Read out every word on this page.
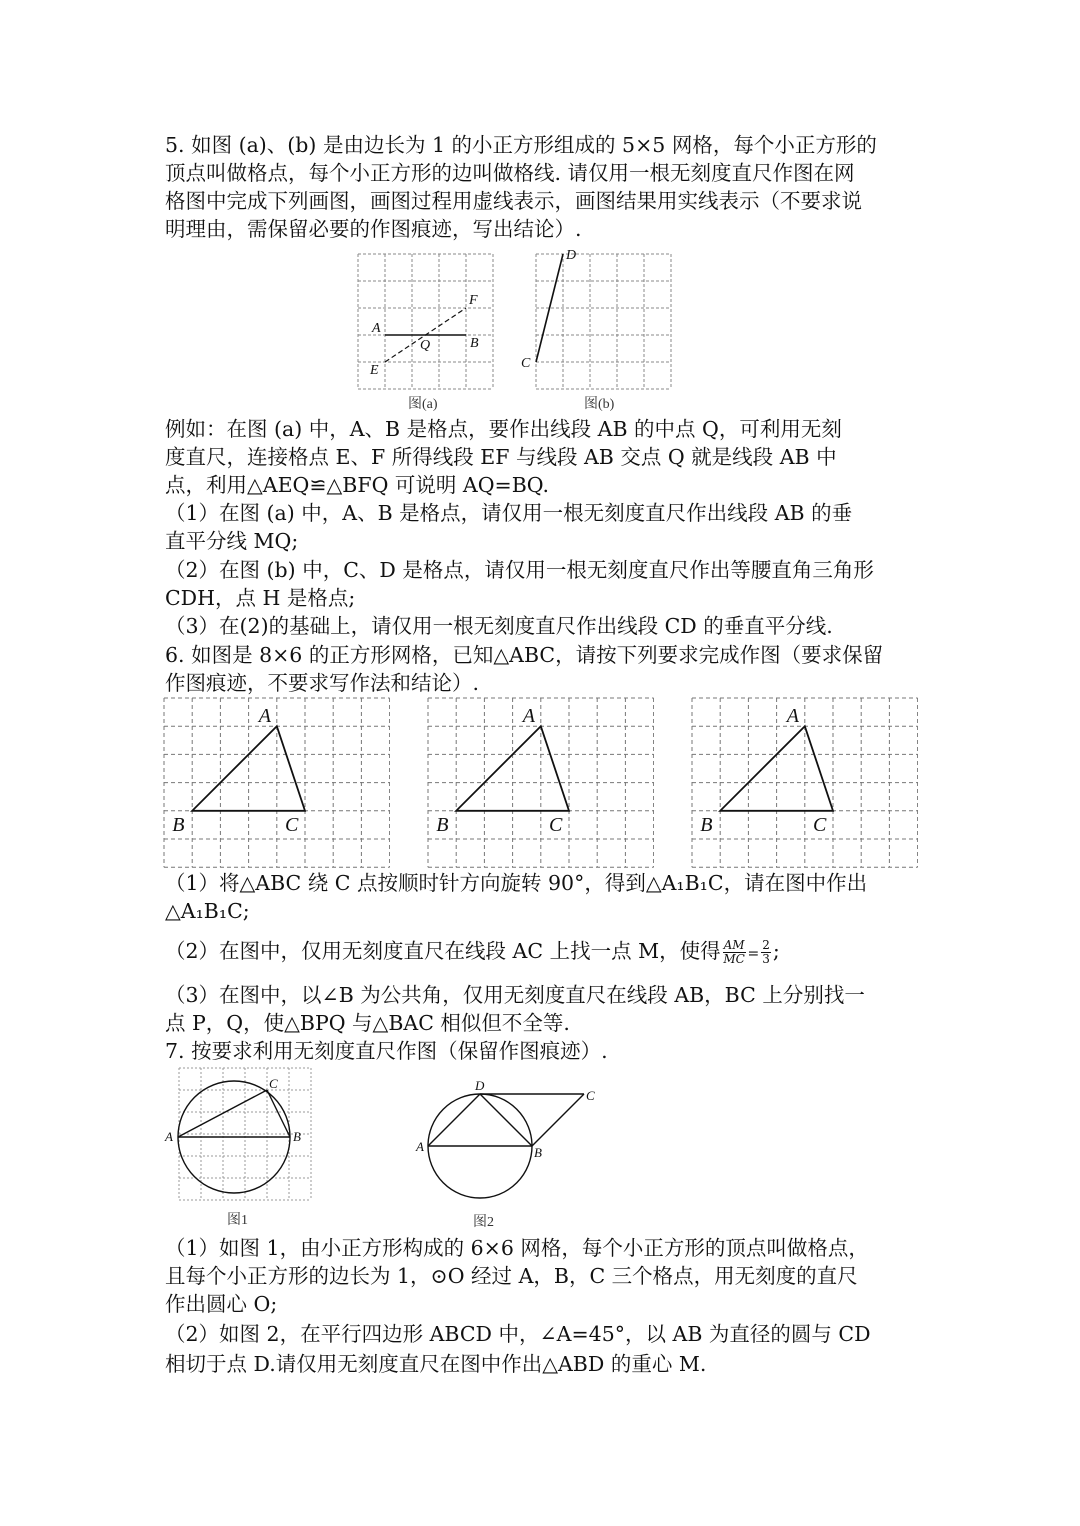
5. 如图 (a)、(b) 是由边长为 1 的小正方形组成的 5×5 网格，每个小正方形的
顶点叫做格点，每个小正方形的边叫做格线. 请仅用一根无刻度直尺作图在网
格图中完成下列画图，画图过程用虚线表示，画图结果用实线表示（不要求说
明理由，需保留必要的作图痕迹，写出结论）.
A
B
E
F
Q
图(a)
C
D
图(b)
例如：在图 (a) 中，A、B 是格点，要作出线段 AB 的中点 Q，可利用无刻
度直尺，连接格点 E、F 所得线段 EF 与线段 AB 交点 Q 就是线段 AB 中
点，利用△AEQ≌△BFQ 可说明 AQ=BQ.
（1）在图 (a) 中，A、B 是格点，请仅用一根无刻度直尺作出线段 AB 的垂
直平分线 MQ;
（2）在图 (b) 中，C、D 是格点，请仅用一根无刻度直尺作出等腰直角三角形
CDH，点 H 是格点;
（3）在(2)的基础上，请仅用一根无刻度直尺作出线段 CD 的垂直平分线.
6. 如图是 8×6 的正方形网格，已知△ABC，请按下列要求完成作图（要求保留
作图痕迹，不要求写作法和结论）.
A
B	C
A
B	C
A
B	C
（1）将△ABC 绕 C 点按顺时针方向旋转 90°，得到△A₁B₁C，请在图中作出
△A₁B₁C;
（2）在图中，仅用无刻度直尺在线段 AC 上找一点 M，使得 $\frac{AM}{MC} = \frac{2}{3}$ ;
（3）在图中，以∠B 为公共角，仅用无刻度直尺在线段 AB，BC 上分别找一
点 P，Q，使△BPQ 与△BAC 相似但不全等.
7. 按要求利用无刻度直尺作图（保留作图痕迹）.
A	B
C
图1
A	B
C
D
图2
（1）如图 1，由小正方形构成的 6×6 网格，每个小正方形的顶点叫做格点，
且每个小正方形的边长为 1，⊙O 经过 A，B，C 三个格点，用无刻度的直尺
作出圆心 O;
（2）如图 2，在平行四边形 ABCD 中，∠A=45°，以 AB 为直径的圆与 CD
相切于点 D.请仅用无刻度直尺在图中作出△ABD 的重心 M.
